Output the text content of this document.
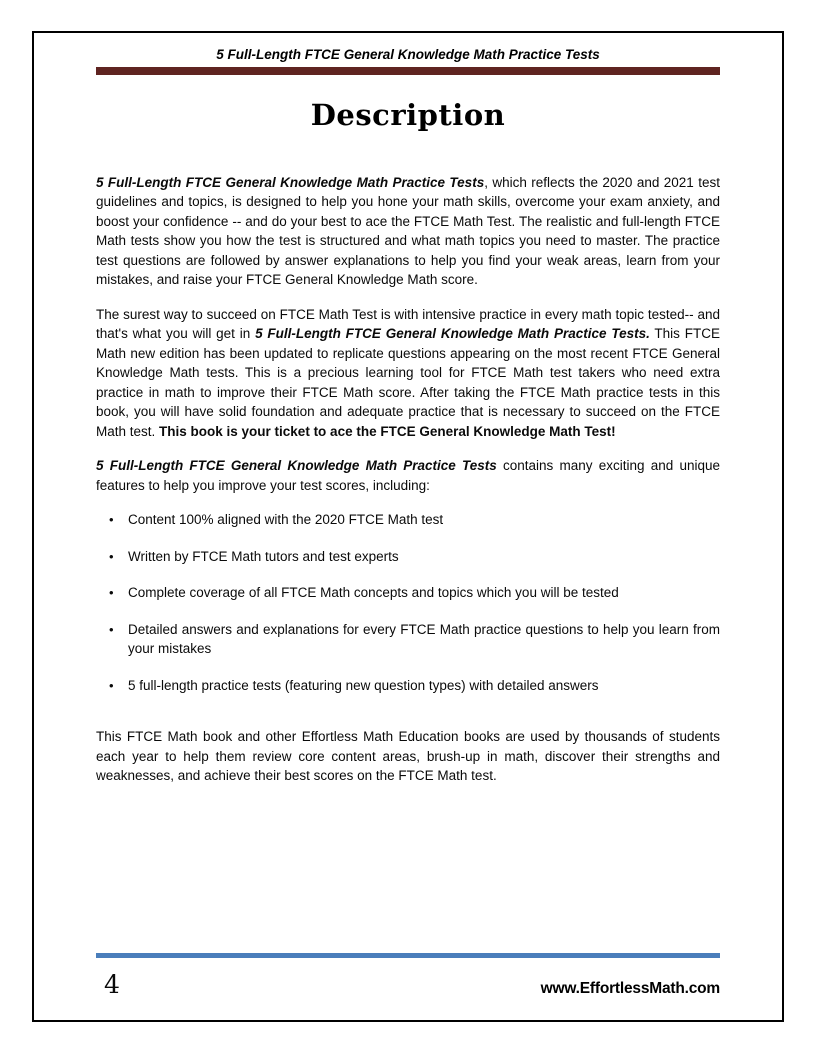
5 Full-Length FTCE General Knowledge Math Practice Tests
Description

5 Full-Length FTCE General Knowledge Math Practice Tests, which reflects the 2020 and 2021 test guidelines and topics, is designed to help you hone your math skills, overcome your exam anxiety, and boost your confidence -- and do your best to ace the FTCE Math Test. The realistic and full-length FTCE Math tests show you how the test is structured and what math topics you need to master. The practice test questions are followed by answer explanations to help you find your weak areas, learn from your mistakes, and raise your FTCE General Knowledge Math score.

The surest way to succeed on FTCE Math Test is with intensive practice in every math topic tested-- and that's what you will get in 5 Full-Length FTCE General Knowledge Math Practice Tests. This FTCE Math new edition has been updated to replicate questions appearing on the most recent FTCE General Knowledge Math tests. This is a precious learning tool for FTCE Math test takers who need extra practice in math to improve their FTCE Math score. After taking the FTCE Math practice tests in this book, you will have solid foundation and adequate practice that is necessary to succeed on the FTCE Math test. This book is your ticket to ace the FTCE General Knowledge Math Test!

5 Full-Length FTCE General Knowledge Math Practice Tests contains many exciting and unique features to help you improve your test scores, including:

•	Content 100% aligned with the 2020 FTCE Math test
•	Written by FTCE Math tutors and test experts
•	Complete coverage of all FTCE Math concepts and topics which you will be tested
•	Detailed answers and explanations for every FTCE Math practice questions to help you learn from your mistakes
•	5 full-length practice tests (featuring new question types) with detailed answers

This FTCE Math book and other Effortless Math Education books are used by thousands of students each year to help them review core content areas, brush-up in math, discover their strengths and weaknesses, and achieve their best scores on the FTCE Math test.

4	www.EffortlessMath.com
